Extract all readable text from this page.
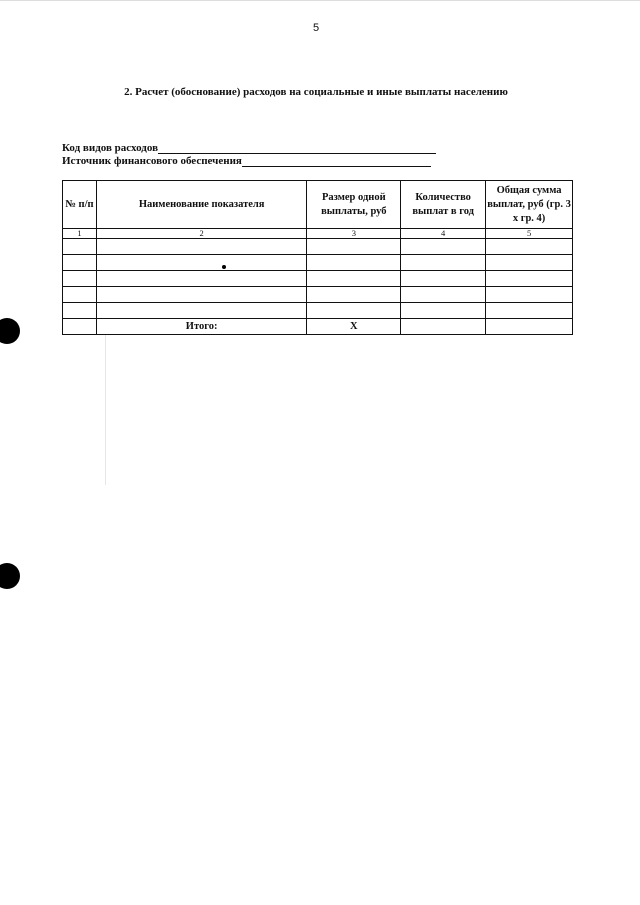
5
2. Расчет (обоснование) расходов на социальные и иные выплаты населению
Код видов расходов
Источник финансового обеспечения
№ п/п	Наименование показателя	Размер одной выплаты, руб	Количество выплат в год	Общая сумма выплат, руб (гр. 3 х гр. 4)
1	2	3	4	5

	Итого:	Х		
